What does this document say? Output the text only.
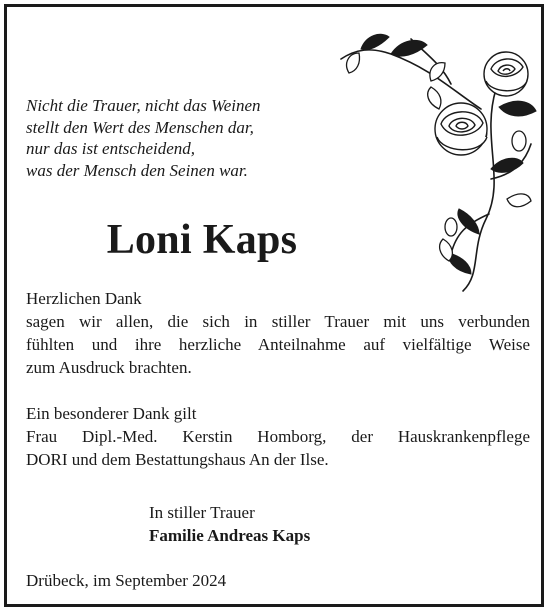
Nicht die Trauer, nicht das Weinen
stellt den Wert des Menschen dar,
nur das ist entscheidend,
was der Mensch den Seinen war.
Loni Kaps

Herzlichen Dank
sagen wir allen, die sich in stiller Trauer mit uns verbunden
fühlten und ihre herzliche Anteilnahme auf vielfältige Weise
zum Ausdruck brachten.

Ein besonderer Dank gilt
Frau Dipl.-Med. Kerstin Homborg, der Hauskrankenpflege
DORI und dem Bestattungshaus An der Ilse.

In stiller Trauer
Familie Andreas Kaps
Drübeck, im September 2024
